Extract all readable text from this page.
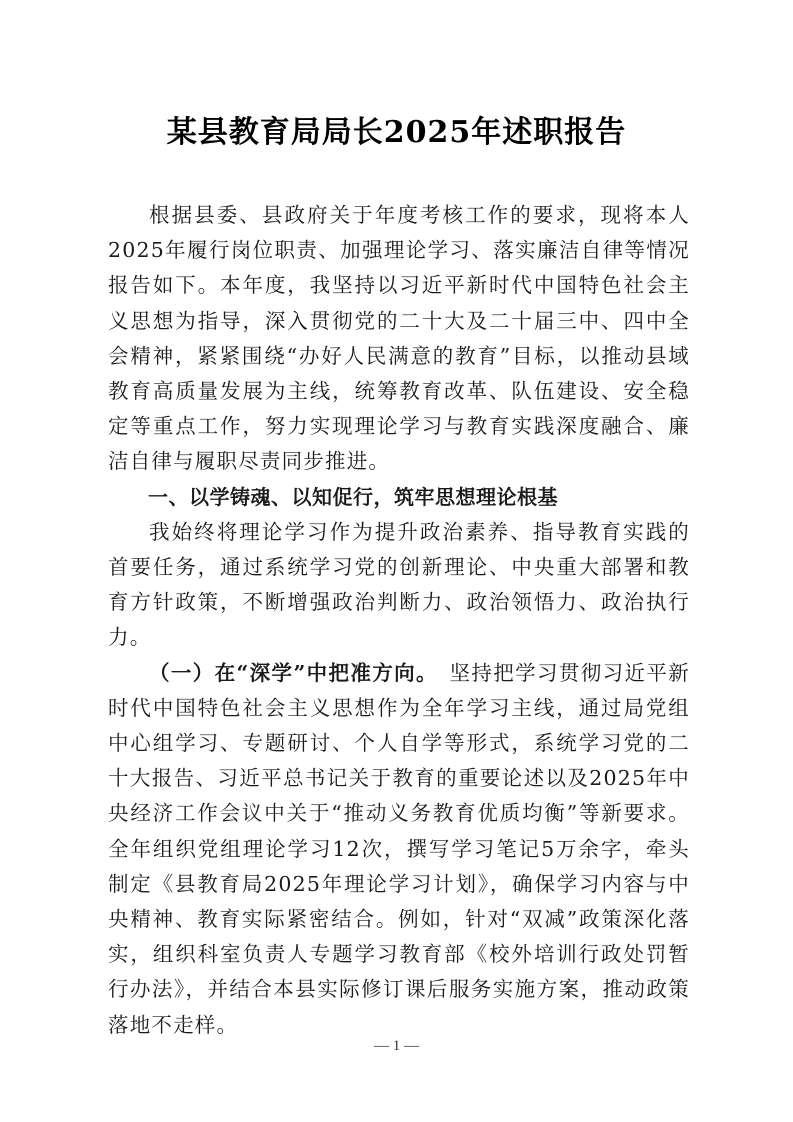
某县教育局局长2025年述职报告

根据县委、县政府关于年度考核工作的要求，现将本人2025年履行岗位职责、加强理论学习、落实廉洁自律等情况报告如下。本年度，我坚持以习近平新时代中国特色社会主义思想为指导，深入贯彻党的二十大及二十届三中、四中全会精神，紧紧围绕“办好人民满意的教育”目标，以推动县域教育高质量发展为主线，统筹教育改革、队伍建设、安全稳定等重点工作，努力实现理论学习与教育实践深度融合、廉洁自律与履职尽责同步推进。

一、以学铸魂、以知促行，筑牢思想理论根基

我始终将理论学习作为提升政治素养、指导教育实践的首要任务，通过系统学习党的创新理论、中央重大部署和教育方针政策，不断增强政治判断力、政治领悟力、政治执行力。

（一）在“深学”中把准方向。　 坚持把学习贯彻习近平新时代中国特色社会主义思想作为全年学习主线，通过局党组中心组学习、专题研讨、个人自学等形式，系统学习党的二十大报告、习近平总书记关于教育的重要论述以及2025年中央经济工作会议中关于“推动义务教育优质均衡”等新要求。全年组织党组理论学习12次，撰写学习笔记5万余字，牵头制定《县教育局2025年理论学习计划》，确保学习内容与中央精神、教育实际紧密结合。例如，针对“双减”政策深化落实，组织科室负责人专题学习教育部《校外培训行政处罚暂行办法》，并结合本县实际修订课后服务实施方案，推动政策落地不走样。

— 1 —
